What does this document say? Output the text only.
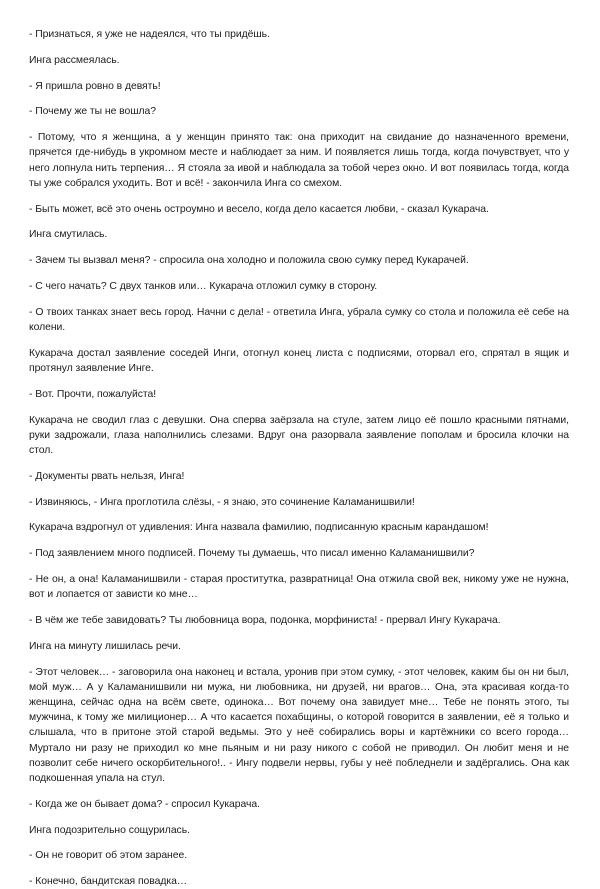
- Признаться, я уже не надеялся, что ты придёшь.

Инга рассмеялась.

- Я пришла ровно в девять!

- Почему же ты не вошла?

- Потому, что я женщина, а у женщин принято так: она приходит на свидание до назначенного времени, прячется где-нибудь в укромном месте и наблюдает за ним. И появляется лишь тогда, когда почувствует, что у него лопнула нить терпения… Я стояла за ивой и наблюдала за тобой через окно. И вот появилась тогда, когда ты уже собрался уходить. Вот и всё! - закончила Инга со смехом.

- Быть может, всё это очень остроумно и весело, когда дело касается любви, - сказал Кукарача.

Инга смутилась.

- Зачем ты вызвал меня? - спросила она холодно и положила свою сумку перед Кукарачей.

- С чего начать? С двух танков или… Кукарача отложил сумку в сторону.

- О твоих танках знает весь город. Начни с дела! - ответила Инга, убрала сумку со стола и положила её себе на колени.

Кукарача достал заявление соседей Инги, отогнул конец листа с подписями, оторвал его, спрятал в ящик и протянул заявление Инге.

- Вот. Прочти, пожалуйста!

Кукарача не сводил глаз с девушки. Она сперва заёрзала на стуле, затем лицо её пошло красными пятнами, руки задрожали, глаза наполнились слезами. Вдруг она разорвала заявление пополам и бросила клочки на стол.

- Документы рвать нельзя, Инга!

- Извиняюсь, - Инга проглотила слёзы, - я знаю, это сочинение Каламанишвили!

Кукарача вздрогнул от удивления: Инга назвала фамилию, подписанную красным карандашом!

- Под заявлением много подписей. Почему ты думаешь, что писал именно Каламанишвили?

- Не он, а она! Каламанишвили - старая проститутка, развратница! Она отжила свой век, никому уже не нужна, вот и лопается от зависти ко мне…

- В чём же тебе завидовать? Ты любовница вора, подонка, морфиниста! - прервал Ингу Кукарача.

Инга на минуту лишилась речи.

- Этот человек… - заговорила она наконец и встала, уронив при этом сумку, - этот человек, каким бы он ни был, мой муж… А у Каламанишвили ни мужа, ни любовника, ни друзей, ни врагов… Она, эта красивая когда-то женщина, сейчас одна на всём свете, одинока… Вот почему она завидует мне… Тебе не понять этого, ты мужчина, к тому же милиционер… А что касается похабщины, о которой говорится в заявлении, её я только и слышала, что в притоне этой старой ведьмы. Это у неё собирались воры и картёжники со всего города… Муртало ни разу не приходил ко мне пьяным и ни разу никого с собой не приводил. Он любит меня и не позволит себе ничего оскорбительного!.. - Ингу подвели нервы, губы у неё побледнели и задёргались. Она как подкошенная упала на стул.

- Когда же он бывает дома? - спросил Кукарача.

Инга подозрительно сощурилась.

- Он не говорит об этом заранее.

- Конечно, бандитская повадка…
